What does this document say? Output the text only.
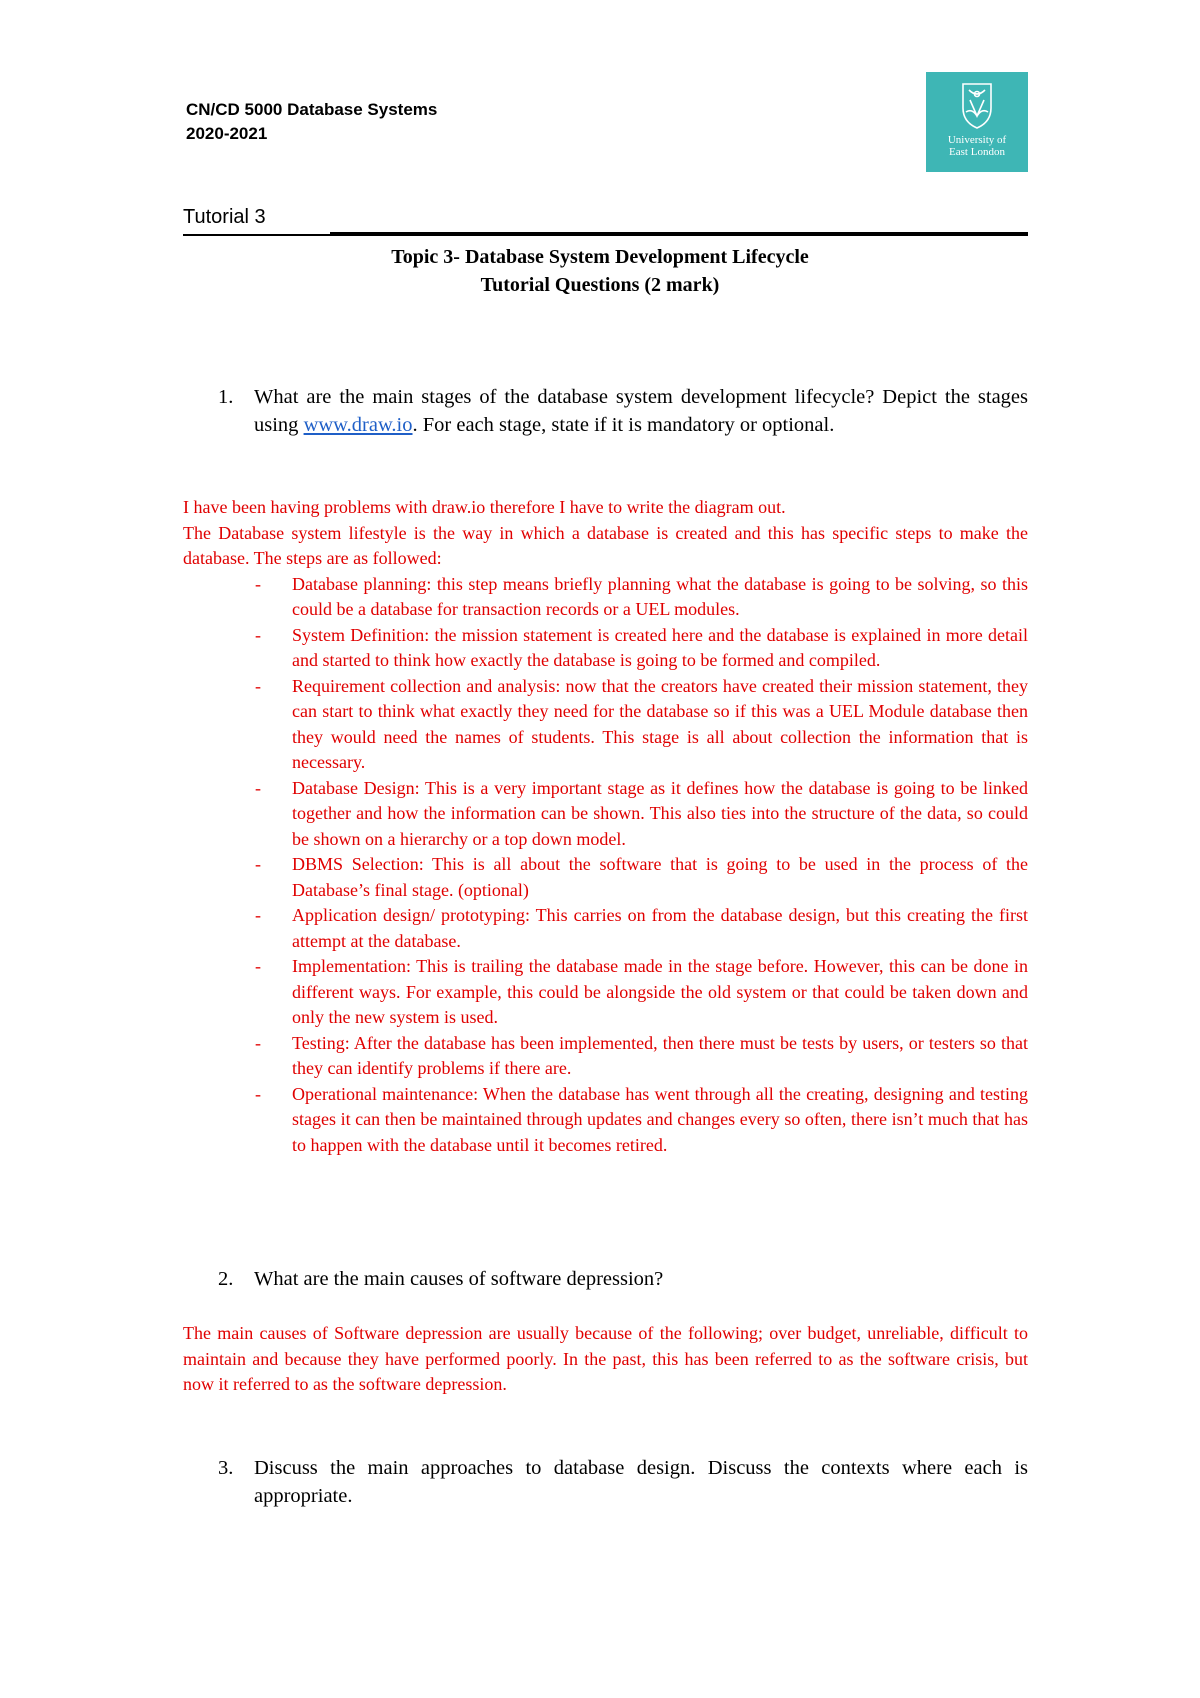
CN/CD 5000 Database Systems
2020-2021	University of
East London
Tutorial 3
Topic 3- Database System Development Lifecycle
Tutorial Questions (2 mark)
1. What are the main stages of the database system development lifecycle? Depict the stages using www.draw.io. For each stage, state if it is mandatory or optional.

I have been having problems with draw.io therefore I have to write the diagram out.

The Database system lifestyle is the way in which a database is created and this has specific steps to make the database. The steps are as followed:

- Database planning: this step means briefly planning what the database is going to be solving, so this could be a database for transaction records or a UEL modules.
- System Definition: the mission statement is created here and the database is explained in more detail and started to think how exactly the database is going to be formed and compiled.
- Requirement collection and analysis: now that the creators have created their mission statement, they can start to think what exactly they need for the database so if this was a UEL Module database then they would need the names of students. This stage is all about collection the information that is necessary.
- Database Design: This is a very important stage as it defines how the database is going to be linked together and how the information can be shown. This also ties into the structure of the data, so could be shown on a hierarchy or a top down model.
- DBMS Selection: This is all about the software that is going to be used in the process of the Database’s final stage. (optional)
- Application design/ prototyping: This carries on from the database design, but this creating the first attempt at the database.
- Implementation: This is trailing the database made in the stage before. However, this can be done in different ways. For example, this could be alongside the old system or that could be taken down and only the new system is used.
- Testing: After the database has been implemented, then there must be tests by users, or testers so that they can identify problems if there are.
- Operational maintenance: When the database has went through all the creating, designing and testing stages it can then be maintained through updates and changes every so often, there isn’t much that has to happen with the database until it becomes retired.
2. What are the main causes of software depression?

The main causes of Software depression are usually because of the following; over budget, unreliable, difficult to maintain and because they have performed poorly. In the past, this has been referred to as the software crisis, but now it referred to as the software depression.

3. Discuss the main approaches to database design. Discuss the contexts where each is appropriate.
